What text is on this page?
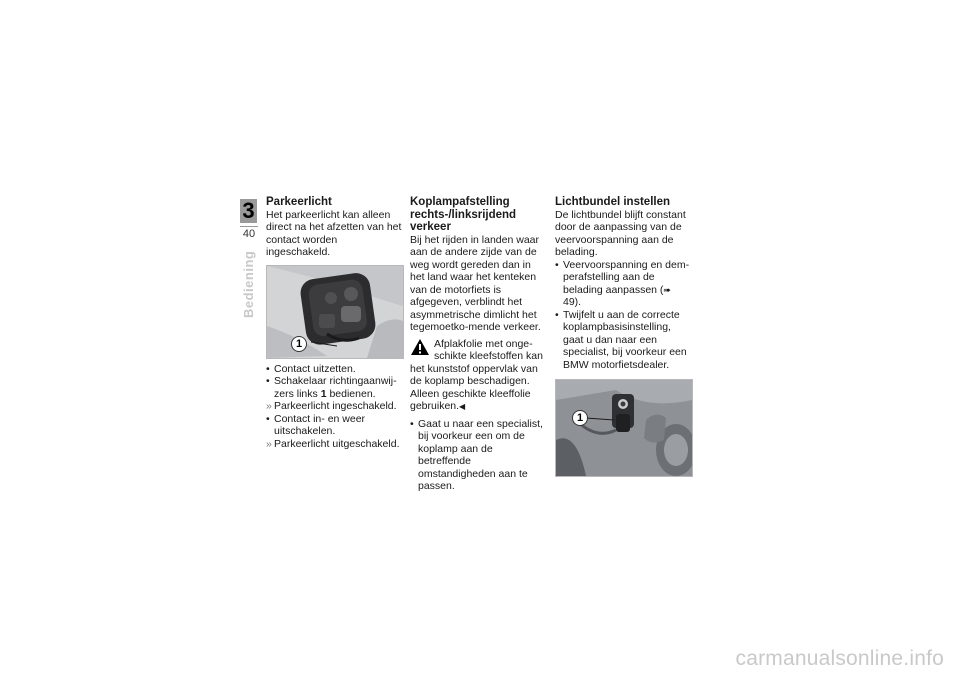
3
40
Bediening

Parkeerlicht

Het parkeerlicht kan alleen direct na het afzetten van het contact worden ingeschakeld.

1
• Contact uitzetten.
• Schakelaar richtingaanwij-zers links 1 bedienen.
» Parkeerlicht ingeschakeld.
• Contact in- en weer uitschakelen.
» Parkeerlicht uitgeschakeld.

Koplampafstelling rechts-/linksrijdend verkeer

Bij het rijden in landen waar aan de andere zijde van de weg wordt gereden dan in het land waar het kenteken van de motorfiets is afgegeven, verblindt het asymmetrische dimlicht het tegemoetko-mende verkeer.

Afplakfolie met onge-schikte kleefstoffen kan het kunststof oppervlak van de koplamp beschadigen. Alleen geschikte kleeffolie gebruiken.◀
• Gaat u naar een specialist, bij voorkeur een om de koplamp aan de betreffende omstandigheden aan te passen.

Lichtbundel instellen

De lichtbundel blijft constant door de aanpassing van de veervoorspanning aan de belading.

• Veervoorspanning en dem-perafstelling aan de belading aanpassen (➠ 49).
• Twijfelt u aan de correcte koplampbasisinstelling, gaat u dan naar een specialist, bij voorkeur een BMW motorfietsdealer.
1
carmanualsonline.info
